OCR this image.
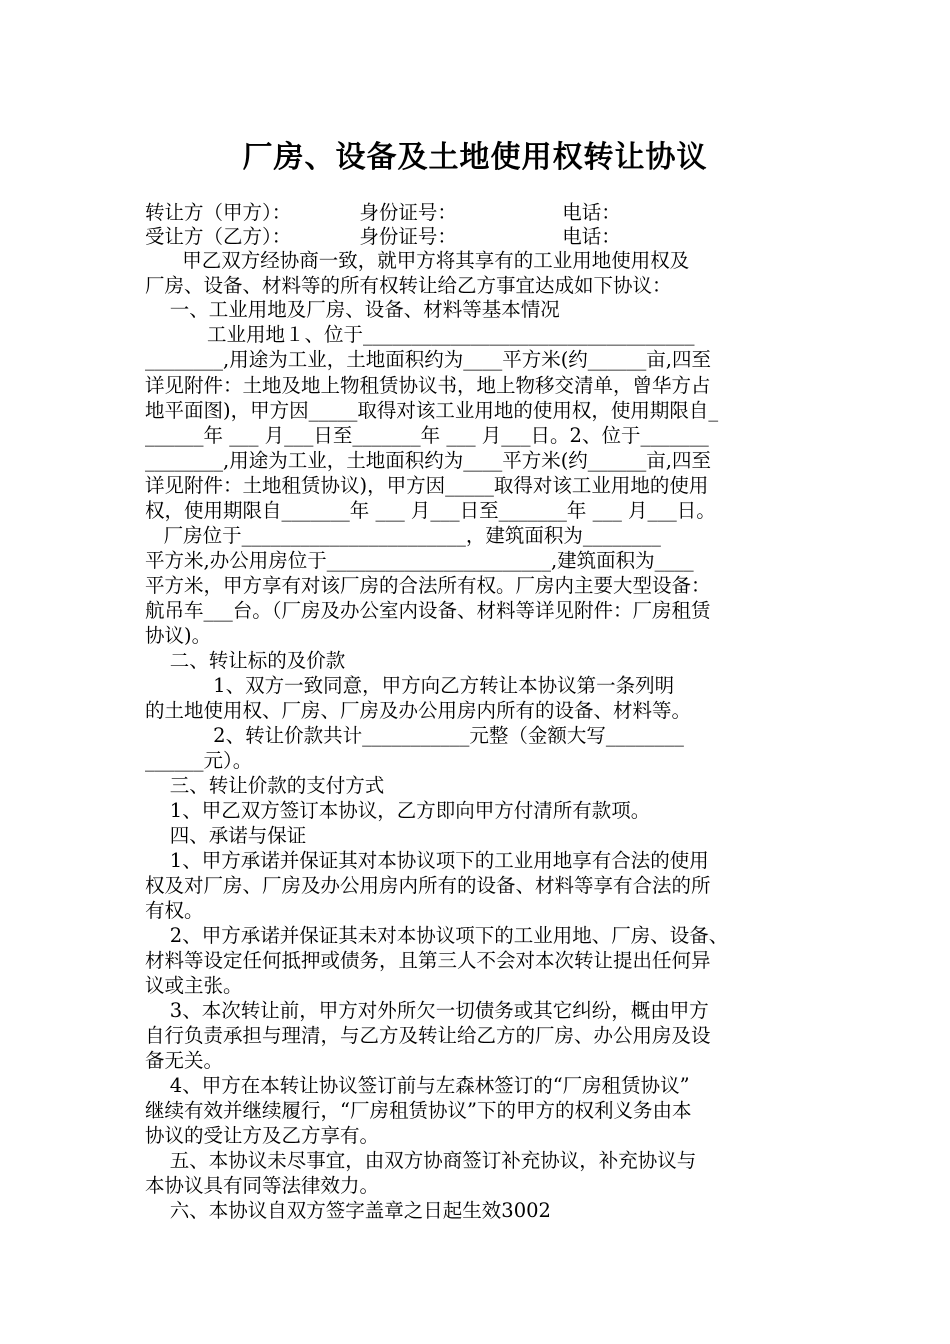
厂房、设备及土地使用权转让协议
转让方（甲方）：           身份证号：                 电话：
受让方（乙方）：           身份证号：                 电话：
甲乙双方经协商一致，就甲方将其享有的工业用地使用权及
厂房、设备、材料等的所有权转让给乙方事宜达成如下协议：
一、工业用地及厂房、设备、材料等基本情况
工业用地１、位于__________________________________
________,用途为工业，土地面积约为____平方米(约______亩,四至
详见附件：土地及地上物租赁协议书，地上物移交清单，曾华方占
地平面图)，甲方因_____取得对该工业用地的使用权，使用期限自_
______年 ___ 月___日至_______年 ___ 月___日。2、位于_______
________,用途为工业，土地面积约为____平方米(约______亩,四至
详见附件：土地租赁协议)，甲方因_____取得对该工业用地的使用
权，使用期限自_______年 ___ 月___日至_______年 ___ 月___日。
厂房位于_______________________，建筑面积为________
平方米,办公用房位于_______________________,建筑面积为____
平方米，甲方享有对该厂房的合法所有权。厂房内主要大型设备：
航吊车___台。（厂房及办公室内设备、材料等详见附件：厂房租赁
协议)。
二、转让标的及价款
1、双方一致同意，甲方向乙方转让本协议第一条列明
的土地使用权、厂房、厂房及办公用房内所有的设备、材料等。
2、转让价款共计___________元整（金额大写________
______元）。
三、转让价款的支付方式
1、甲乙双方签订本协议，乙方即向甲方付清所有款项。
四、承诺与保证
1、甲方承诺并保证其对本协议项下的工业用地享有合法的使用
权及对厂房、厂房及办公用房内所有的设备、材料等享有合法的所
有权。
2、甲方承诺并保证其未对本协议项下的工业用地、厂房、设备、
材料等设定任何抵押或债务，且第三人不会对本次转让提出任何异
议或主张。
3、本次转让前，甲方对外所欠一切债务或其它纠纷，概由甲方
自行负责承担与理清，与乙方及转让给乙方的厂房、办公用房及设
备无关。
4、甲方在本转让协议签订前与左森林签订的“厂房租赁协议”
继续有效并继续履行，“厂房租赁协议”下的甲方的权利义务由本
协议的受让方及乙方享有。
五、本协议未尽事宜，由双方协商签订补充协议，补充协议与
本协议具有同等法律效力。
六、本协议自双方签字盖章之日起生效3002
